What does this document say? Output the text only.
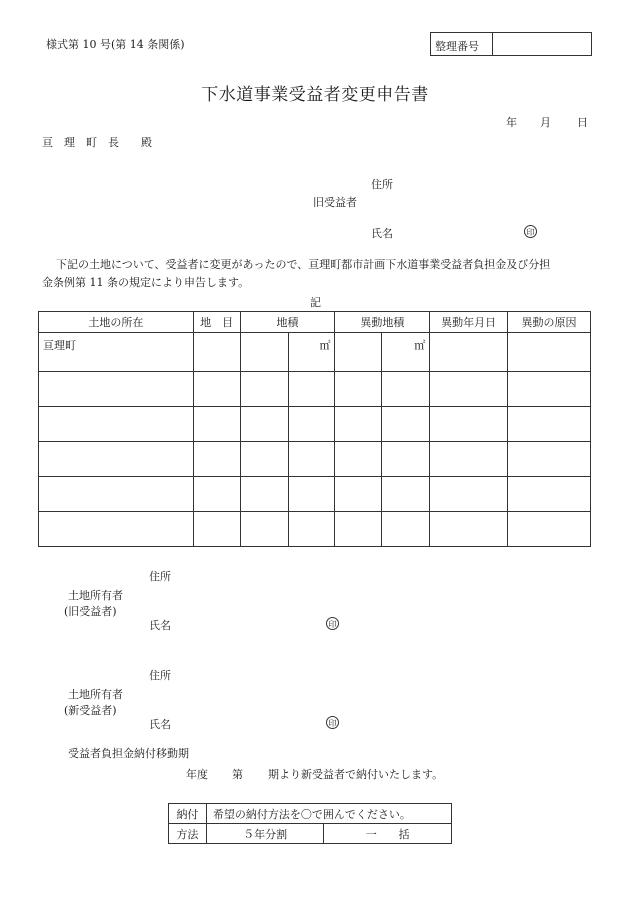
様式第 10 号(第 14 条関係)	整理番号
下水道事業受益者変更申告書
年 月 日
亘　理　町　長　　殿
住所
旧受益者
氏名	印
下記の土地について、受益者に変更があったので、亘理町都市計画下水道事業受益者負担金及び分担
金条例第 11 条の規定により申告します。
記
土地の所在	地　目	地積		異動地積		異動年月日	異動の原因

亘理町			㎡		㎡		

住所
土地所有者
(旧受益者)
氏名	印
住所
土地所有者
(新受益者)
氏名	印
受益者負担金納付移動期
年度 第 期より新受益者で納付いたします。
納付	希望の納付方法を〇で囲んでください。	
方法	５年分割	一　　括
